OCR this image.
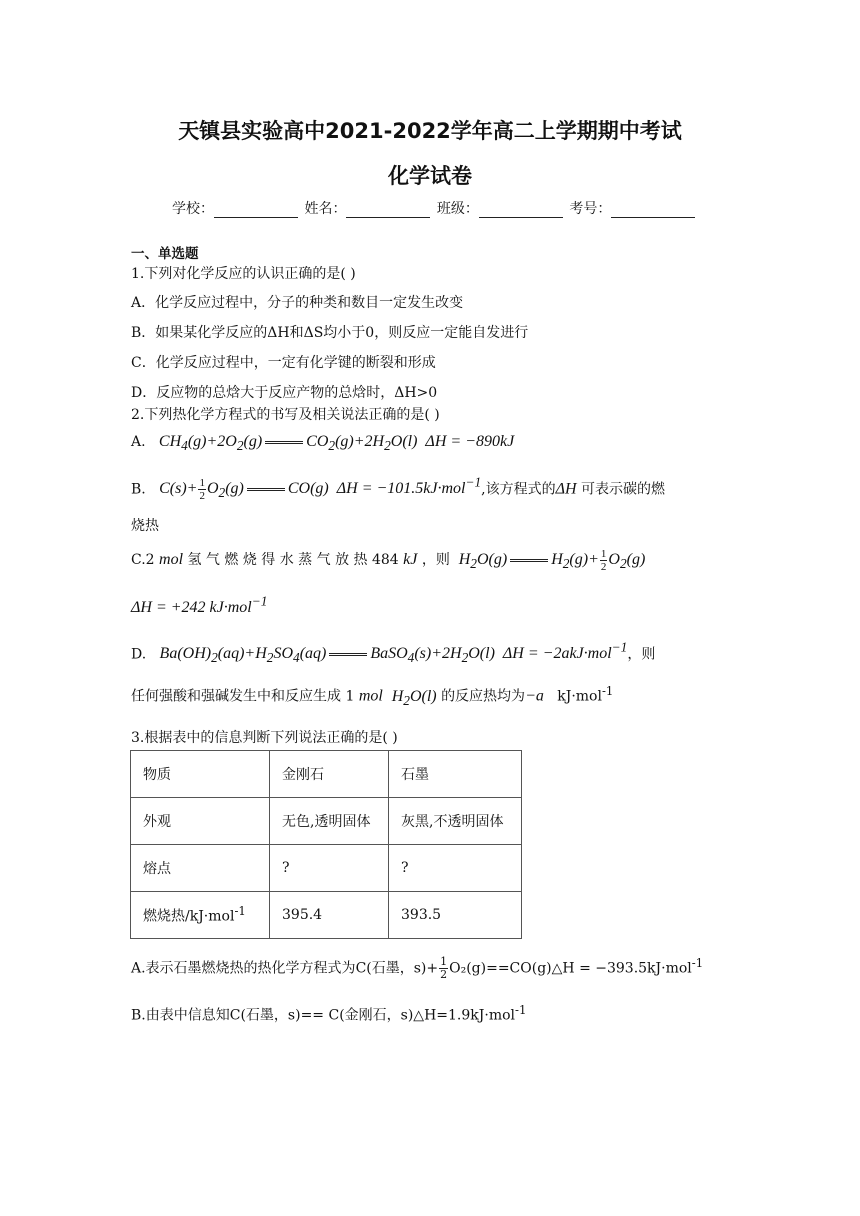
天镇县实验高中2021-2022学年高二上学期期中考试
化学试卷
学校：	姓名：	班级：	考号：
一、单选题
1.下列对化学反应的认识正确的是( )
A．化学反应过程中，分子的种类和数目一定发生改变
B．如果某化学反应的ΔH和ΔS均小于0，则反应一定能自发进行
C．化学反应过程中，一定有化学键的断裂和形成
D．反应物的总焓大于反应产物的总焓时，ΔH>0
2.下列热化学方程式的书写及相关说法正确的是( )
A. $CH_4(g)+2O_2(g)$	$CO_2(g)+2H_2O(l) \Delta H = -890kJ$
B. $C(s)+ \frac{1}{2} O_2(g)$	CO(g)  ΔH = −101.5kJ·mol$^{-1}$,该方程式的ΔH 可表示碳的燃
烧热
C.2 mol 氢 气 燃 烧 得 水 蒸 气 放 热 484 kJ ，则 $H_2O(g)$	$H_2(g)+ \frac{1}{2} O_2(g)$
ΔH = +242 kJ·mol$^{-1}$
D. $Ba(OH)_2(aq)+H_2SO_4(aq)$	$BaSO_4(s)+2H_2O(l) \Delta H = -2akJ\cdot mol^{-1}$，则
任何强酸和强碱发生中和反应生成 1 mol $H_2O(l)$ 的反应热均为−a kJ·mol$^{-1}$
3.根据表中的信息判断下列说法正确的是( )
物质	金刚石	石墨
外观	无色,透明固体	灰黑,不透明固体
熔点	?	?
燃烧热/kJ·mol$^{-1}$	395.4	393.5
A.表示石墨燃烧热的热化学方程式为C(石墨，$s)+ \frac{1}{2}$ O₂(g)==CO(g)△H = −393.5kJ·mol$^{-1}$
B.由表中信息知C(石墨，s)== C(金刚石，s)△H=1.9kJ·mol$^{-1}$
